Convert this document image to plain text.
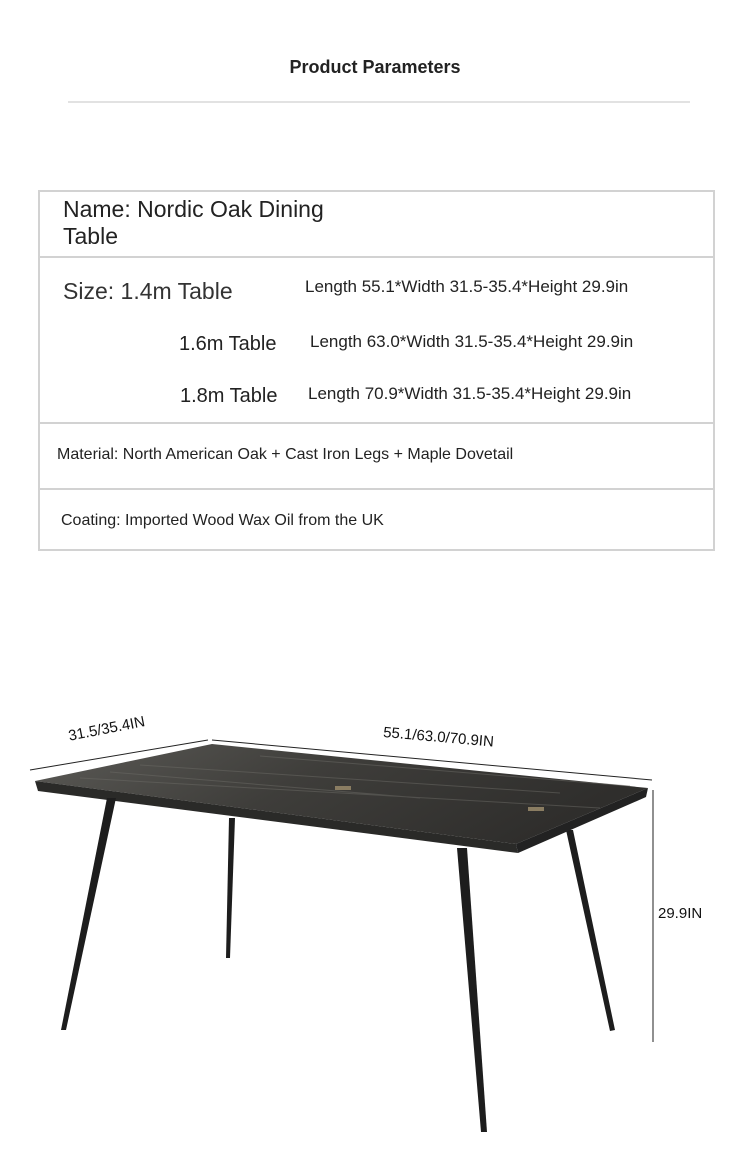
Product Parameters
Name: Nordic Oak Dining Table
Size: 1.4m Table	Length 55.1*Width 31.5-35.4*Height 29.9in
1.6m Table Length 63.0*Width 31.5-35.4*Height 29.9in
1.8m Table Length 70.9*Width 31.5-35.4*Height 29.9in
Material: North American Oak + Cast Iron Legs + Maple Dovetail
Coating: Imported Wood Wax Oil from the UK
31.5/35.4IN	55.1/63.0/70.9IN
29.9IN
